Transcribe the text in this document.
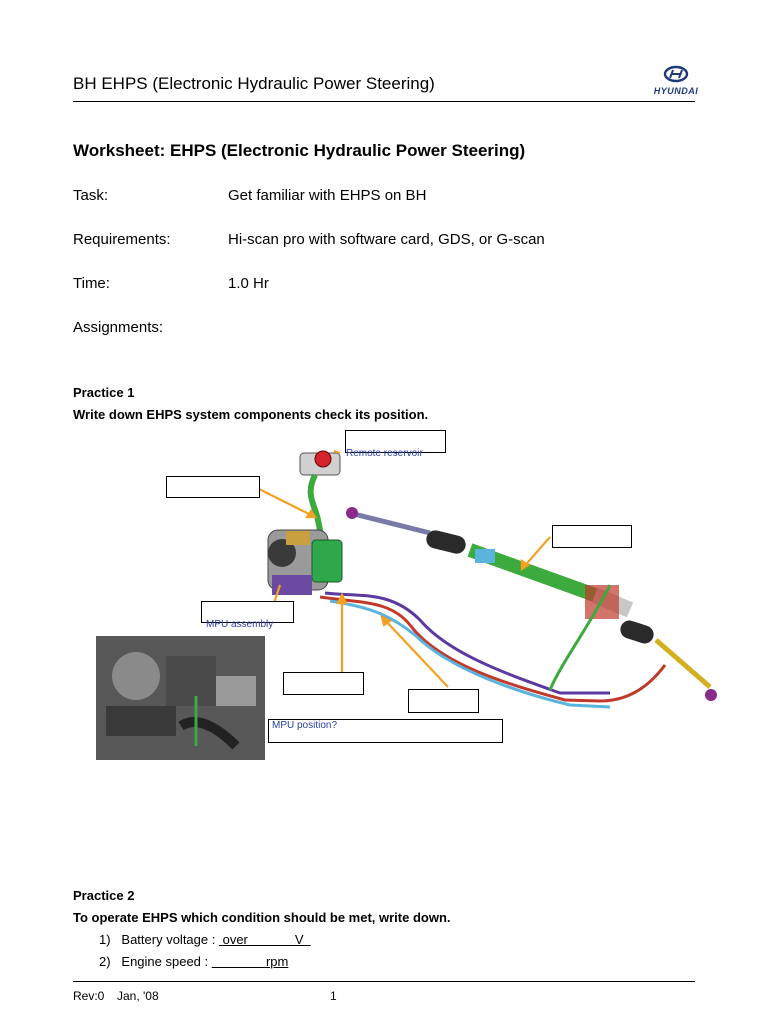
BH EHPS (Electronic Hydraulic Power Steering)	HYUNDAI
Worksheet: EHPS (Electronic Hydraulic Power Steering)
Task:	Get familiar with EHPS on BH
Requirements:	Hi-scan pro with software card, GDS, or G-scan
Time:	1.0 Hr
Assignments:
Practice 1
Write down EHPS system components check its position.
Remote reservoir
MPU assembly
MPU position?
Practice 2
To operate EHPS which condition should be met, write down.
1) Battery voltage :  over             V
2) Engine speed :                rpm
Rev:0 Jan, '08	1
